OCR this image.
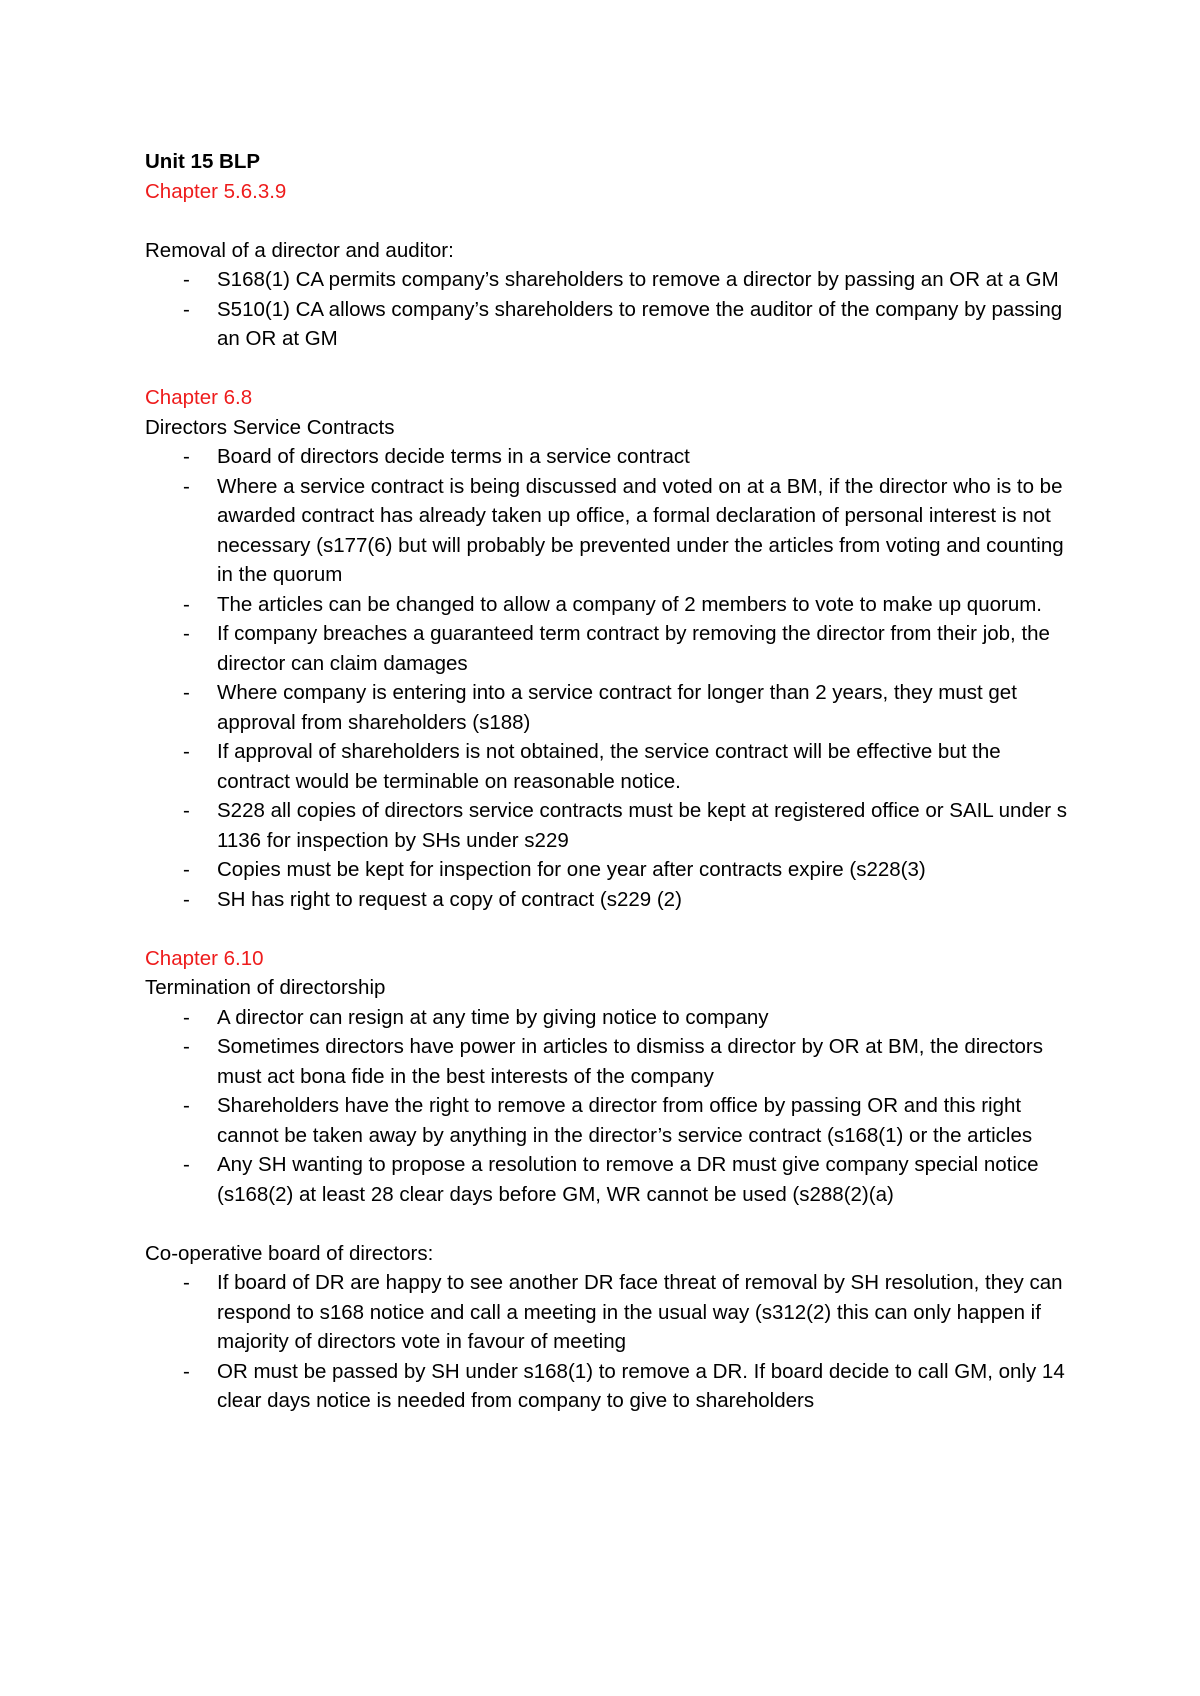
Unit 15 BLP
Chapter 5.6.3.9
Removal of a director and auditor:
- S168(1) CA permits company’s shareholders to remove a director by passing an OR at a GM
- S510(1) CA allows company’s shareholders to remove the auditor of the company by passing an OR at GM
Chapter 6.8
Directors Service Contracts
- Board of directors decide terms in a service contract
- Where a service contract is being discussed and voted on at a BM, if the director who is to be awarded contract has already taken up office, a formal declaration of personal interest is not necessary (s177(6) but will probably be prevented under the articles from voting and counting in the quorum
- The articles can be changed to allow a company of 2 members to vote to make up quorum.
- If company breaches a guaranteed term contract by removing the director from their job, the director can claim damages
- Where company is entering into a service contract for longer than 2 years, they must get approval from shareholders (s188)
- If approval of shareholders is not obtained, the service contract will be effective but the contract would be terminable on reasonable notice.
- S228 all copies of directors service contracts must be kept at registered office or SAIL under s 1136 for inspection by SHs under s229
- Copies must be kept for inspection for one year after contracts expire (s228(3)
- SH has right to request a copy of contract (s229 (2)
Chapter 6.10
Termination of directorship
- A director can resign at any time by giving notice to company
- Sometimes directors have power in articles to dismiss a director by OR at BM, the directors must act bona fide in the best interests of the company
- Shareholders have the right to remove a director from office by passing OR and this right cannot be taken away by anything in the director’s service contract (s168(1) or the articles
- Any SH wanting to propose a resolution to remove a DR must give company special notice (s168(2) at least 28 clear days before GM, WR cannot be used (s288(2)(a)
Co-operative board of directors:
- If board of DR are happy to see another DR face threat of removal by SH resolution, they can respond to s168 notice and call a meeting in the usual way (s312(2) this can only happen if majority of directors vote in favour of meeting
- OR must be passed by SH under s168(1) to remove a DR. If board decide to call GM, only 14 clear days notice is needed from company to give to shareholders
